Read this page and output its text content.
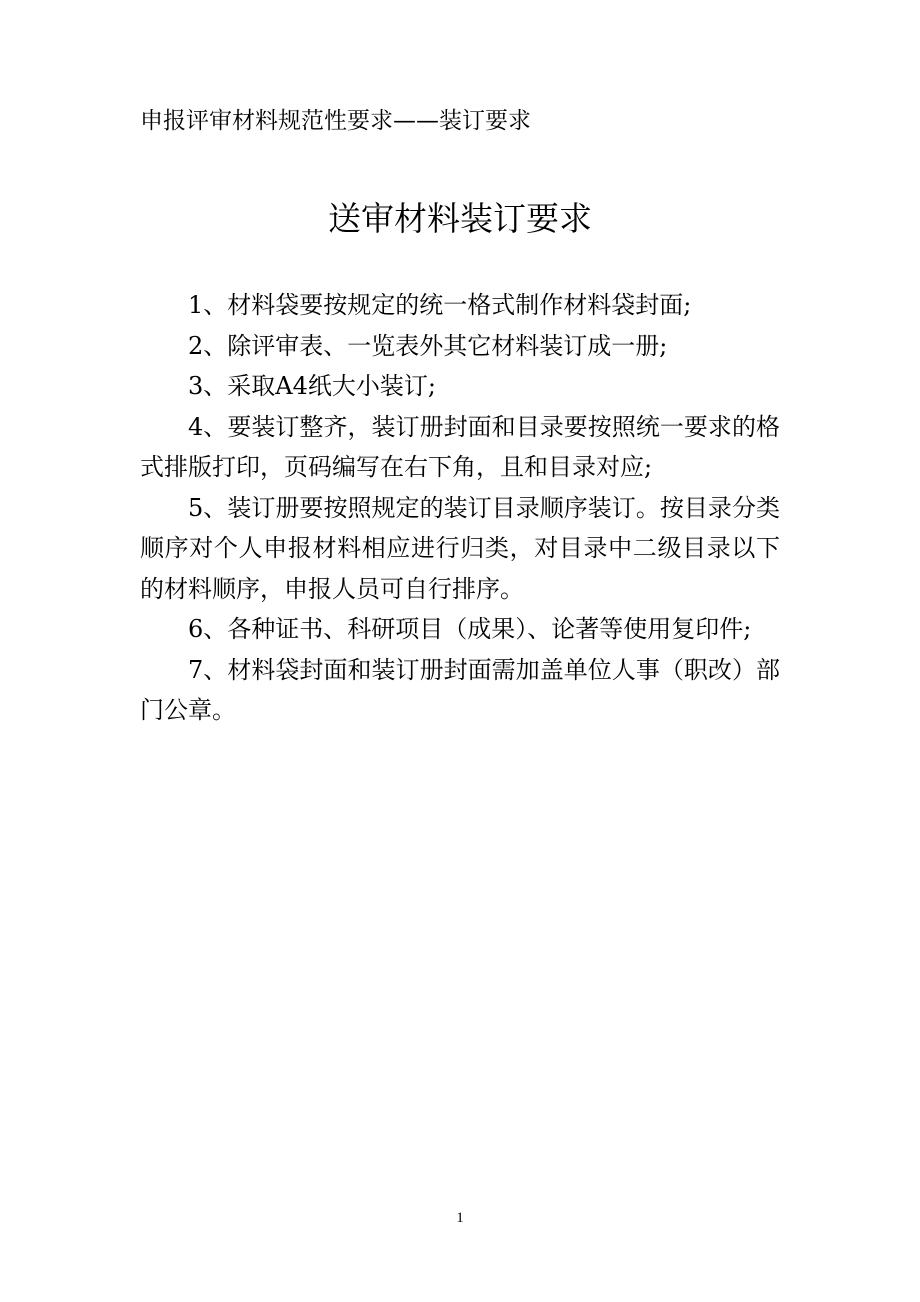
申报评审材料规范性要求——装订要求
送审材料装订要求

1、材料袋要按规定的统一格式制作材料袋封面;

2、除评审表、一览表外其它材料装订成一册;

3、采取A4纸大小装订;

4、要装订整齐，装订册封面和目录要按照统一要求的格式排版打印，页码编写在右下角，且和目录对应;

5、装订册要按照规定的装订目录顺序装订。按目录分类顺序对个人申报材料相应进行归类，对目录中二级目录以下的材料顺序，申报人员可自行排序。

6、各种证书、科研项目（成果）、论著等使用复印件;

7、材料袋封面和装订册封面需加盖单位人事（职改）部门公章。

1
